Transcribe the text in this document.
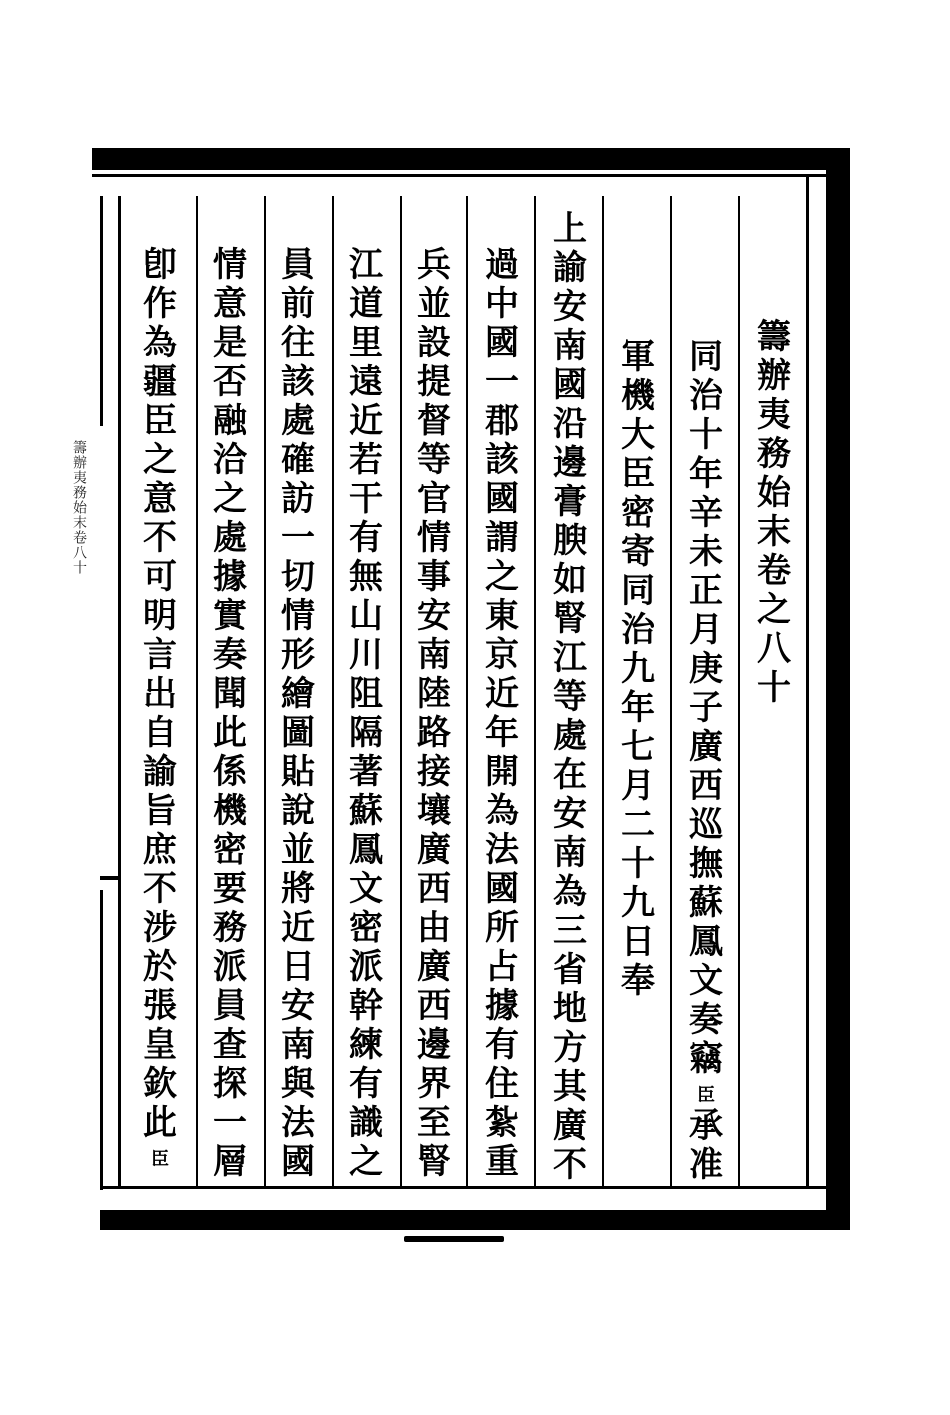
籌辦夷務始末卷八十
籌
辦
夷
務
始
末
卷
之
八
十
同
治
十
年
辛
未
正
月
庚
子
廣
西
巡
撫
蘇
鳳
文
奏
竊
臣
承
准
軍
機
大
臣
密
寄
同
治
九
年
七
月
二
十
九
日
奉
上
諭
安
南
國
沿
邊
膏
腴
如
腎
江
等
處
在
安
南
為
三
省
地
方
其
廣
不
過
中
國
一
郡
該
國
謂
之
東
京
近
年
開
為
法
國
所
占
據
有
住
紮
重
兵
並
設
提
督
等
官
情
事
安
南
陸
路
接
壤
廣
西
由
廣
西
邊
界
至
腎
江
道
里
遠
近
若
干
有
無
山
川
阻
隔
著
蘇
鳳
文
密
派
幹
練
有
識
之
員
前
往
該
處
確
訪
一
切
情
形
繪
圖
貼
說
並
將
近
日
安
南
與
法
國
情
意
是
否
融
洽
之
處
據
實
奏
聞
此
係
機
密
要
務
派
員
查
探
一
層
卽
作
為
疆
臣
之
意
不
可
明
言
出
自
諭
旨
庶
不
涉
於
張
皇
欽
此
臣
